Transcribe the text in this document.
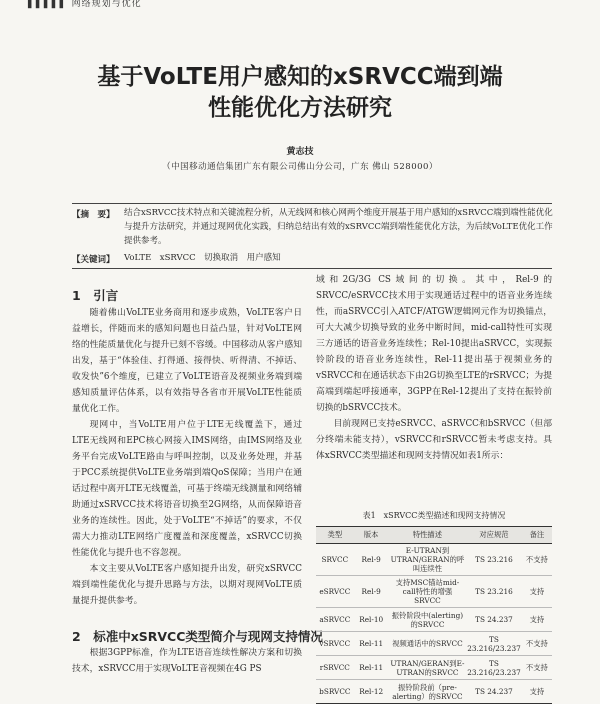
▌▌▌▌▌ 网络规划与优化
基于VoLTE用户感知的xSRVCC端到端
性能优化方法研究
黄志技
（中国移动通信集团广东有限公司佛山分公司，广东 佛山 528000）
【摘　要】 结合xSRVCC技术特点和关键流程分析，从无线网和核心网两个维度开展基于用户感知的xSRVCC端到端性能优化与提升方法研究，并通过现网优化实践，归纳总结出有效的xSRVCC端到端性能优化方法，为后续VoLTE优化工作提供参考。
【关键词】 VoLTE　xSRVCC　切换取消　用户感知
1　引言

随着佛山VoLTE业务商用和逐步成熟，VoLTE客户日益增长，伴随而来的感知问题也日益凸显，针对VoLTE网络的性能质量优化与提升已刻不容缓。中国移动从客户感知出发，基于“体验佳、打得通、接得快、听得清、不掉话、收发快”6个维度，已建立了VoLTE语音及视频业务端到端感知质量评估体系，以有效指导各省市开展VoLTE性能质量优化工作。

现网中，当VoLTE用户位于LTE无线覆盖下，通过LTE无线网和EPC核心网接入IMS网络，由IMS网络及业务平台完成VoLTE路由与呼叫控制，以及业务处理，并基于PCC系统提供VoLTE业务端到端QoS保障；当用户在通话过程中离开LTE无线覆盖，可基于终端无线测量和网络辅助通过xSRVCC技术将语音切换至2G网络，从而保障语音业务的连续性。因此，处于VoLTE“不掉话”的要求，不仅需大力推动LTE网络广度覆盖和深度覆盖，xSRVCC切换性能优化与提升也不容忽视。

本文主要从VoLTE客户感知提升出发，研究xSRVCC端到端性能优化与提升思路与方法，以期对现网VoLTE质量提升提供参考。

2　标准中xSRVCC类型简介与现网支持情况

根据3GPP标准，作为LTE语音连续性解决方案和切换技术，xSRVCC用于实现VoLTE音视频在4G PS

域和2G/3G CS域间的切换。其中，Rel-9的SRVCC/eSRVCC技术用于实现通话过程中的语音业务连续性，而aSRVCC引入ATCF/ATGW逻辑网元作为切换锚点，可大大减少切换导致的业务中断时间，mid-call特性可实现三方通话的语音业务连续性；Rel-10提出aSRVCC，实现振铃阶段的语音业务连续性，Rel-11提出基于视频业务的vSRVCC和在通话状态下由2G切换至LTE的rSRVCC；为提高端到端起呼接通率，3GPP在Rel-12提出了支持在振铃前切换的bSRVCC技术。

目前现网已支持eSRVCC、aSRVCC和bSRVCC（但部分终端未能支持），vSRVCC和rSRVCC暂未考虑支持。具体xSRVCC类型描述和现网支持情况如表1所示：

表1　xSRVCC类型描述和现网支持情况
类型	版本	特性描述	对应规范	备注
SRVCC	Rel-9	E-UTRAN到UTRAN/GERAN的呼叫连续性	TS 23.216	不支持
eSRVCC	Rel-9	支持MSC锚站mid-call特性的增强SRVCC	TS 23.216	支持
aSRVCC	Rel-10	振铃阶段中(alerting)的SRVCC	TS 24.237	支持
vSRVCC	Rel-11	视频通话中的SRVCC	TS 23.216/23.237	不支持
rSRVCC	Rel-11	UTRAN/GERAN到E-UTRAN的SRVCC	TS 23.216/23.237	不支持
bSRVCC	Rel-12	振铃阶段前（pre-alerting）的SRVCC	TS 24.237	支持
